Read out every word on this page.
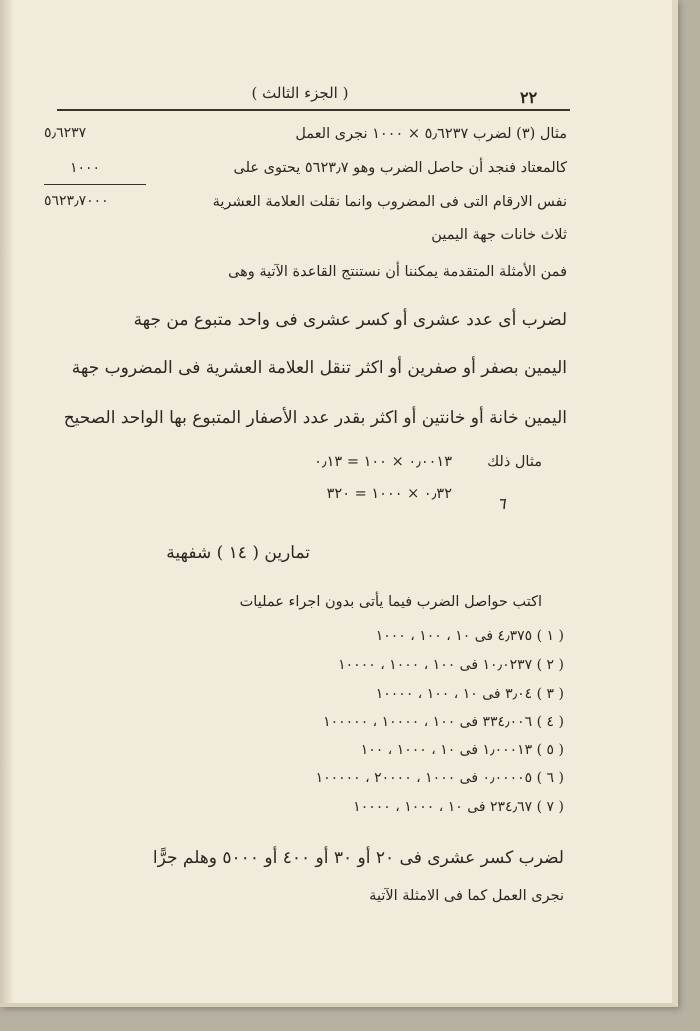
( الجزء الثالث )	٢٢
مثال (٣) لضرب ٥٫٦٢٣٧ × ١٠٠٠ نجرى العمل
كالمعتاد فنجد أن حاصل الضرب وهو ٥٦٢٣٫٧ يحتوى على
نفس الارقام التى فى المضروب وانما نقلت العلامة العشرية
ثلاث خانات جهة اليمين
٥٫٦٢٣٧
١٠٠٠
٥٦٢٣٫٧٠٠٠
فمن الأمثلة المتقدمة يمكننا أن نستنتج القاعدة الآتية وهى
لضرب أى عدد عشرى أو كسر عشرى فى واحد متبوع من جهة
اليمين بصفر أو صفرين أو اكثر تنقل العلامة العشرية فى المضروب جهة
اليمين خانة أو خانتين أو اكثر بقدر عدد الأصفار المتبوع بها الواحد الصحيح
مثال ذلك
٠٫٠٠١٣ × ١٠٠ = ٠٫١٣
٠٫٣٢ × ١٠٠٠ = ٣٢٠	٦
تمارين ( ١٤ ) شفهية
اكتب حواصل الضرب فيما يأتى بدون اجراء عمليات
( ١ ) ٤٫٣٧٥ فى ١٠ ، ١٠٠ ، ١٠٠٠
( ٢ ) ١٠٫٠٢٣٧ فى ١٠٠ ، ١٠٠٠ ، ١٠٠٠٠
( ٣ ) ٣٫٠٤ فى ١٠ ، ١٠٠ ، ١٠٠٠٠
( ٤ ) ٣٣٤٫٠٠٦ فى ١٠٠ ، ١٠٠٠٠ ، ١٠٠٠٠٠
( ٥ ) ١٫٠٠٠١٣ فى ١٠ ، ١٠٠٠ ، ١٠٠
( ٦ ) ٠٫٠٠٠٠٥ فى ١٠٠٠ ، ٢٠٠٠٠ ، ١٠٠٠٠٠
( ٧ ) ٢٣٤٫٦٧ فى ١٠ ، ١٠٠٠ ، ١٠٠٠٠
لضرب كسر عشرى فى ٢٠ أو ٣٠ أو ٤٠٠ أو ٥٠٠٠ وهلم جرًّا
نجرى العمل كما فى الامثلة الآتية
